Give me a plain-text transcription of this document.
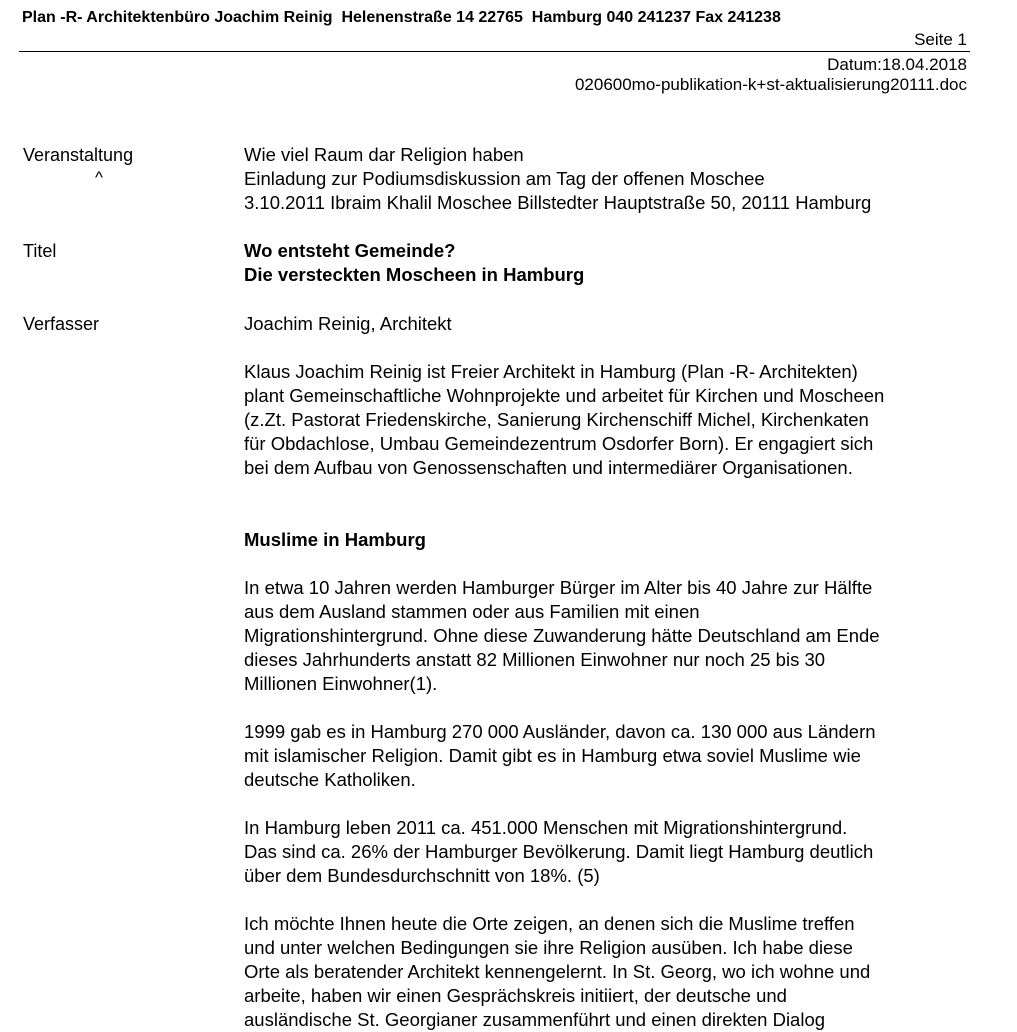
Plan -R- Architektenbüro Joachim Reinig  Helenenstraße 14 22765  Hamburg 040 241237 Fax 241238
Seite 1
Datum:18.04.2018
020600mo-publikation-k+st-aktualisierung20111.doc
Veranstaltung
^
Titel
Verfasser
Wie viel Raum dar Religion haben
Einladung zur Podiumsdiskussion am Tag der offenen Moschee
3.10.2011 Ibraim Khalil Moschee Billstedter Hauptstraße 50, 20111 Hamburg
Wo entsteht Gemeinde?
Die versteckten Moscheen in Hamburg
Joachim Reinig, Architekt
Klaus Joachim Reinig ist Freier Architekt in Hamburg (Plan -R- Architekten)
plant Gemeinschaftliche Wohnprojekte und arbeitet für Kirchen und Moscheen
(z.Zt. Pastorat Friedenskirche, Sanierung Kirchenschiff Michel, Kirchenkaten
für Obdachlose, Umbau Gemeindezentrum Osdorfer Born). Er engagiert sich
bei dem Aufbau von Genossenschaften und intermediärer Organisationen.
Muslime in Hamburg
In etwa 10 Jahren werden Hamburger Bürger im Alter bis 40 Jahre zur Hälfte
aus dem Ausland stammen oder aus Familien mit einen
Migrationshintergrund. Ohne diese Zuwanderung hätte Deutschland am Ende
dieses Jahrhunderts anstatt 82 Millionen Einwohner nur noch 25 bis 30
Millionen Einwohner(1).
1999 gab es in Hamburg 270 000 Ausländer, davon ca. 130 000 aus Ländern
mit islamischer Religion. Damit gibt es in Hamburg etwa soviel Muslime wie
deutsche Katholiken.
In Hamburg leben 2011 ca. 451.000 Menschen mit Migrationshintergrund.
Das sind ca. 26% der Hamburger Bevölkerung. Damit liegt Hamburg deutlich
über dem Bundesdurchschnitt von 18%. (5)
Ich möchte Ihnen heute die Orte zeigen, an denen sich die Muslime treffen
und unter welchen Bedingungen sie ihre Religion ausüben. Ich habe diese
Orte als beratender Architekt kennengelernt. In St. Georg, wo ich wohne und
arbeite, haben wir einen Gesprächskreis initiiert, der deutsche und
ausländische St. Georgianer zusammenführt und einen direkten Dialog
